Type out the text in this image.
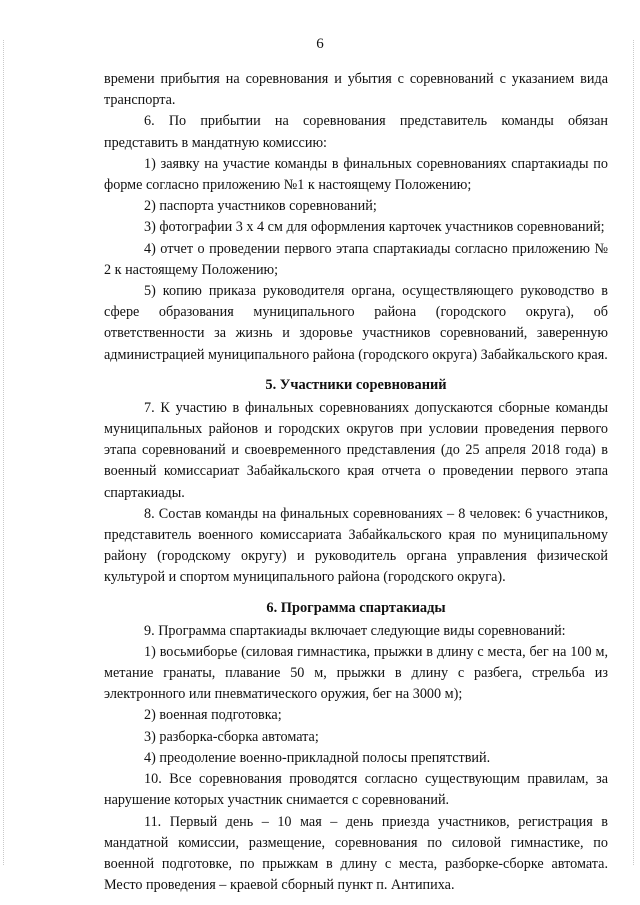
6

времени прибытия на соревнования и убытия с соревнований с указанием вида транспорта.

6. По прибытии на соревнования представитель команды обязан представить в мандатную комиссию:

1) заявку на участие команды в финальных соревнованиях спартакиады по форме согласно приложению №1 к настоящему Положению;

2) паспорта участников соревнований;

3) фотографии 3 х 4 см для оформления карточек участников соревнований;

4) отчет о проведении первого этапа спартакиады согласно приложению № 2 к настоящему Положению;

5) копию приказа руководителя органа, осуществляющего руководство в сфере образования муниципального района (городского округа), об ответственности за жизнь и здоровье участников соревнований, заверенную администрацией муниципального района (городского округа) Забайкальского края.

5. Участники соревнований

7. К участию в финальных соревнованиях допускаются сборные команды муниципальных районов и городских округов при условии проведения первого этапа соревнований и своевременного представления (до 25 апреля 2018 года) в военный комиссариат Забайкальского края отчета о проведении первого этапа спартакиады.

8. Состав команды на финальных соревнованиях – 8 человек: 6 участников, представитель военного комиссариата Забайкальского края по муниципальному району (городскому округу) и руководитель органа управления физической культурой и спортом муниципального района (городского округа).

6. Программа спартакиады

9. Программа спартакиады включает следующие виды соревнований:

1) восьмиборье (силовая гимнастика, прыжки в длину с места, бег на 100 м, метание гранаты, плавание 50 м, прыжки в длину с разбега, стрельба из электронного или пневматического оружия, бег на 3000 м);

2) военная подготовка;

3) разборка-сборка автомата;

4) преодоление военно-прикладной полосы препятствий.

10. Все соревнования проводятся согласно существующим правилам, за нарушение которых участник снимается с соревнований.

11. Первый день – 10 мая – день приезда участников, регистрация в мандатной комиссии, размещение, соревнования по силовой гимнастике, по военной подготовке, по прыжкам в длину с места, разборке-сборке автомата. Место проведения – краевой сборный пункт п. Антипиха.
